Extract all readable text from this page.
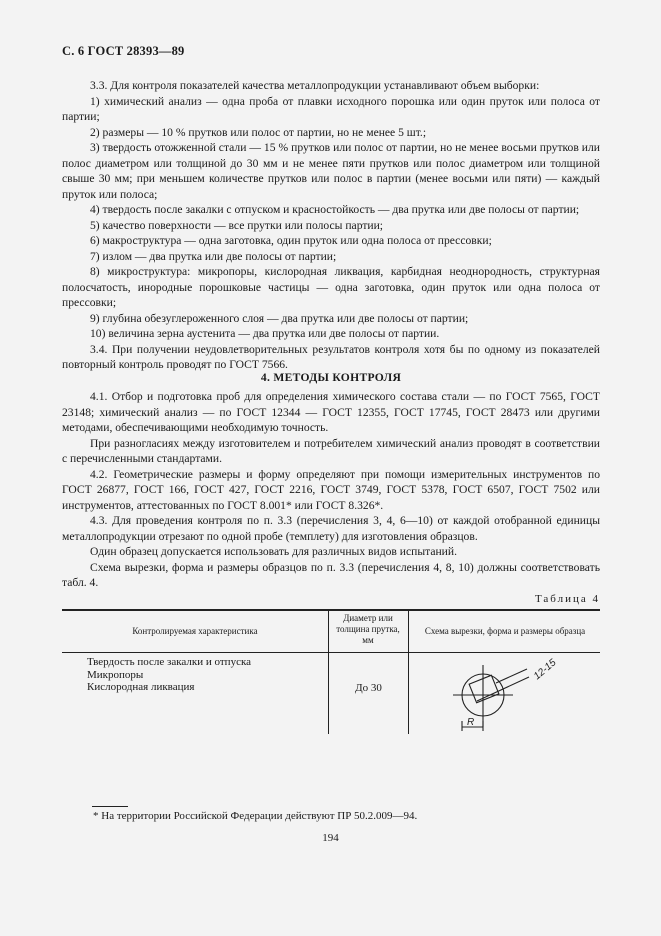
С. 6 ГОСТ 28393—89

3.3. Для контроля показателей качества металлопродукции устанавливают объем выборки:

1) химический анализ — одна проба от плавки исходного порошка или один пруток или полоса от партии;

2) размеры — 10 % прутков или полос от партии, но не менее 5 шт.;

3) твердость отожженной стали — 15 % прутков или полос от партии, но не менее восьми прутков или полос диаметром или толщиной до 30 мм и не менее пяти прутков или полос диаметром или толщиной свыше 30 мм; при меньшем количестве прутков или полос в партии (менее восьми или пяти) — каждый пруток или полоса;

4) твердость после закалки с отпуском и красностойкость — два прутка или две полосы от партии;

5) качество поверхности — все прутки или полосы партии;

6) макроструктура — одна заготовка, один пруток или одна полоса от прессовки;

7) излом — два прутка или две полосы от партии;

8) микроструктура: микропоры, кислородная ликвация, карбидная неоднородность, структурная полосчатость, инородные порошковые частицы — одна заготовка, один пруток или одна полоса от прессовки;

9) глубина обезуглероженного слоя — два прутка или две полосы от партии;

10) величина зерна аустенита — два прутка или две полосы от партии.

3.4. При получении неудовлетворительных результатов контроля хотя бы по одному из показателей повторный контроль проводят по ГОСТ 7566.

4. МЕТОДЫ КОНТРОЛЯ

4.1. Отбор и подготовка проб для определения химического состава стали — по ГОСТ 7565, ГОСТ 23148; химический анализ — по ГОСТ 12344 — ГОСТ 12355, ГОСТ 17745, ГОСТ 28473 или другими методами, обеспечивающими необходимую точность.

При разногласиях между изготовителем и потребителем химический анализ проводят в соответствии с перечисленными стандартами.

4.2. Геометрические размеры и форму определяют при помощи измерительных инструментов по ГОСТ 26877, ГОСТ 166, ГОСТ 427, ГОСТ 2216, ГОСТ 3749, ГОСТ 5378, ГОСТ 6507, ГОСТ 7502 или инструментов, аттестованных по ГОСТ 8.001* или ГОСТ 8.326*.

4.3. Для проведения контроля по п. 3.3 (перечисления 3, 4, 6—10) от каждой отобранной единицы металлопродукции отрезают по одной пробе (темплету) для изготовления образцов.

Один образец допускается использовать для различных видов испытаний.

Схема вырезки, форма и размеры образцов по п. 3.3 (перечисления 4, 8, 10) должны соответствовать табл. 4.

Таблица 4
Контролируемая характеристика
Диаметр или толщина прутка, мм
Схема вырезки, форма и размеры образца
Твердость после закалки и отпуска
Микропоры
Кислородная ликвация	До 30
12-15
R
* На территории Российской Федерации действуют ПР 50.2.009—94.
194
